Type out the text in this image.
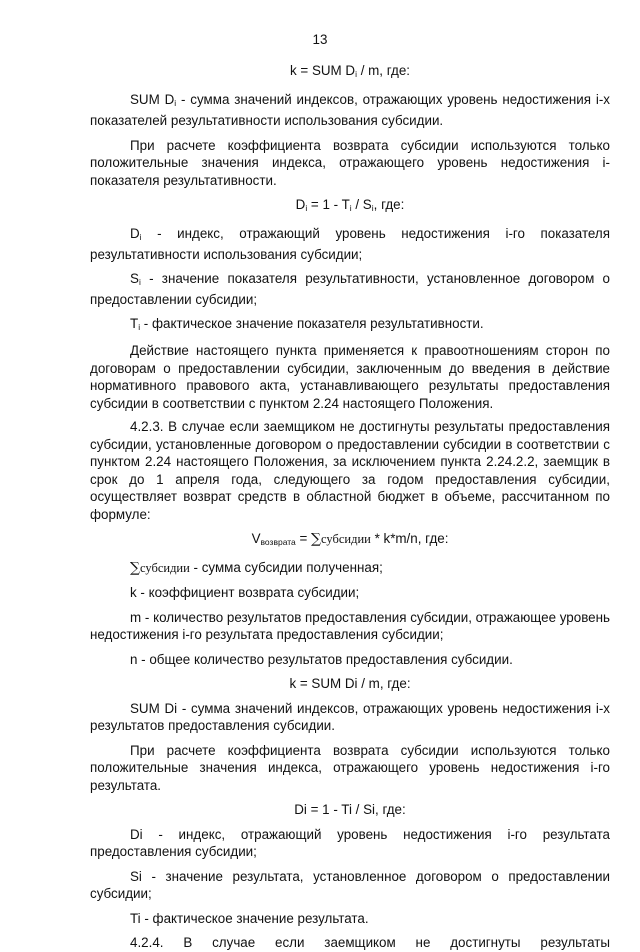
13

k = SUM $D_i$ / m, где:

SUM $D_i$ - сумма значений индексов, отражающих уровень недостижения i-х показателей результативности использования субсидии.

При расчете коэффициента возврата субсидии используются только положительные значения индекса, отражающего уровень недостижения i-показателя результативности.

$D_i = 1 - T_i / S_i$, где:

$D_i$ - индекс, отражающий уровень недостижения i-го показателя результативности использования субсидии;

$S_i$ - значение показателя результативности, установленное договором о предоставлении субсидии;

$T_i$ - фактическое значение показателя результативности.

Действие настоящего пункта применяется к правоотношениям сторон по договорам о предоставлении субсидии, заключенным до введения в действие нормативного правового акта, устанавливающего результаты предоставления субсидии в соответствии с пунктом 2.24 настоящего Положения.

4.2.3. В случае если заемщиком не достигнуты результаты предоставления субсидии, установленные договором о предоставлении субсидии в соответствии с пунктом 2.24 настоящего Положения, за исключением пункта 2.24.2.2, заемщик в срок до 1 апреля года, следующего за годом предоставления субсидии, осуществляет возврат средств в областной бюджет в объеме, рассчитанном по формуле:

$V_{возврата}$ = ∑субсидии * k*m/n, где:

∑субсидии - сумма субсидии полученная;

k - коэффициент возврата субсидии;

m - количество результатов предоставления субсидии, отражающее уровень недостижения i-го результата предоставления субсидии;

n - общее количество результатов предоставления субсидии.

k = SUM Di / m, где:

SUM Di - сумма значений индексов, отражающих уровень недостижения i-х результатов предоставления субсидии.

При расчете коэффициента возврата субсидии используются только положительные значения индекса, отражающего уровень недостижения i-го результата.

Di = 1 - Ti / Si, где:

Di - индекс, отражающий уровень недостижения i-го результата предоставления субсидии;

Si - значение результата, установленное договором о предоставлении субсидии;

Ti - фактическое значение результата.

4.2.4. В случае если заемщиком не достигнуты результаты
